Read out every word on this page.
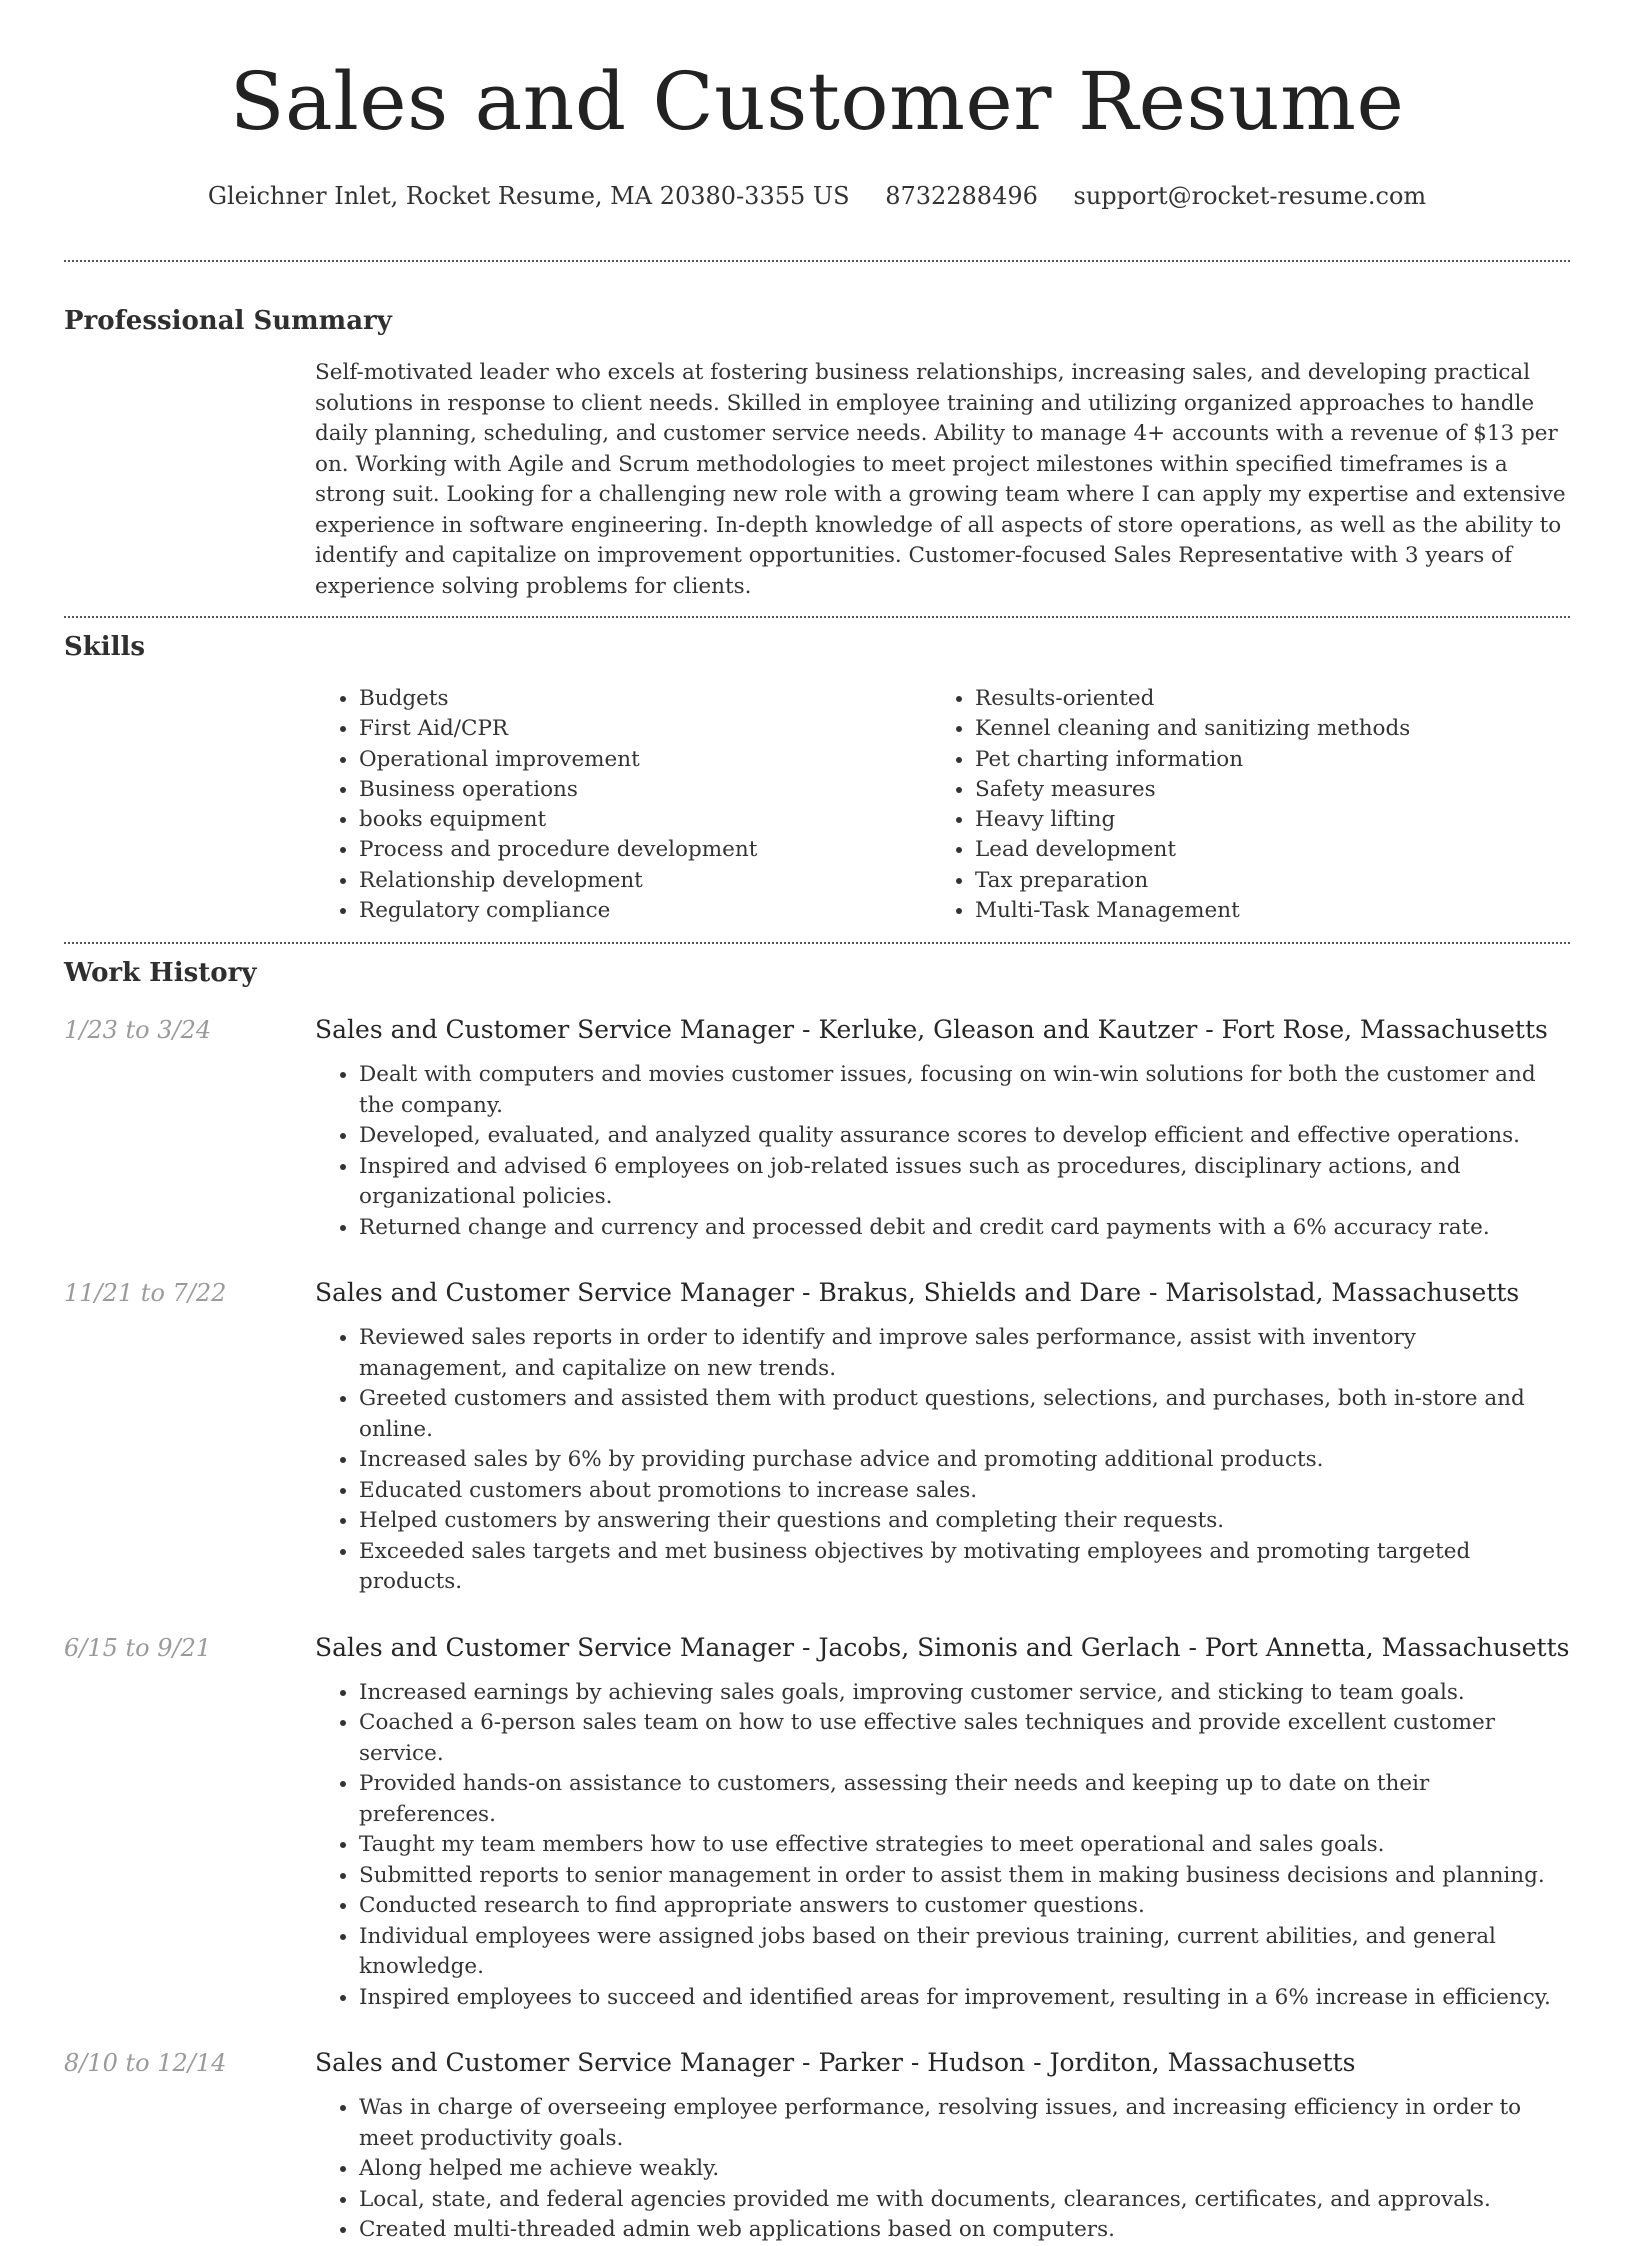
Sales and Customer Resume
Gleichner Inlet, Rocket Resume, MA 20380-3355 US 8732288496 support@rocket-resume.com
Professional Summary

Self-motivated leader who excels at fostering business relationships, increasing sales, and developing practical solutions in response to client needs. Skilled in employee training and utilizing organized approaches to handle daily planning, scheduling, and customer service needs. Ability to manage 4+ accounts with a revenue of $13 per on. Working with Agile and Scrum methodologies to meet project milestones within specified timeframes is a strong suit. Looking for a challenging new role with a growing team where I can apply my expertise and extensive experience in software engineering. In-depth knowledge of all aspects of store operations, as well as the ability to identify and capitalize on improvement opportunities. Customer-focused Sales Representative with 3 years of experience solving problems for clients.

Skills
• Budgets
• First Aid/CPR
• Operational improvement
• Business operations
• books equipment
• Process and procedure development
• Relationship development
• Regulatory compliance
• Results-oriented
• Kennel cleaning and sanitizing methods
• Pet charting information
• Safety measures
• Heavy lifting
• Lead development
• Tax preparation
• Multi-Task Management
Work History
1/23 to 3/24	Sales and Customer Service Manager - Kerluke, Gleason and Kautzer - Fort Rose, Massachusetts
• Dealt with computers and movies customer issues, focusing on win-win solutions for both the customer and the company.
• Developed, evaluated, and analyzed quality assurance scores to develop efficient and effective operations.
• Inspired and advised 6 employees on job-related issues such as procedures, disciplinary actions, and organizational policies.
• Returned change and currency and processed debit and credit card payments with a 6% accuracy rate.
11/21 to 7/22	Sales and Customer Service Manager - Brakus, Shields and Dare - Marisolstad, Massachusetts
• Reviewed sales reports in order to identify and improve sales performance, assist with inventory management, and capitalize on new trends.
• Greeted customers and assisted them with product questions, selections, and purchases, both in-store and online.
• Increased sales by 6% by providing purchase advice and promoting additional products.
• Educated customers about promotions to increase sales.
• Helped customers by answering their questions and completing their requests.
• Exceeded sales targets and met business objectives by motivating employees and promoting targeted products.
6/15 to 9/21	Sales and Customer Service Manager - Jacobs, Simonis and Gerlach - Port Annetta, Massachusetts
• Increased earnings by achieving sales goals, improving customer service, and sticking to team goals.
• Coached a 6-person sales team on how to use effective sales techniques and provide excellent customer service.
• Provided hands-on assistance to customers, assessing their needs and keeping up to date on their preferences.
• Taught my team members how to use effective strategies to meet operational and sales goals.
• Submitted reports to senior management in order to assist them in making business decisions and planning.
• Conducted research to find appropriate answers to customer questions.
• Individual employees were assigned jobs based on their previous training, current abilities, and general knowledge.
• Inspired employees to succeed and identified areas for improvement, resulting in a 6% increase in efficiency.
8/10 to 12/14	Sales and Customer Service Manager - Parker - Hudson - Jorditon, Massachusetts
• Was in charge of overseeing employee performance, resolving issues, and increasing efficiency in order to meet productivity goals.
• Along helped me achieve weakly.
• Local, state, and federal agencies provided me with documents, clearances, certificates, and approvals.
• Created multi-threaded admin web applications based on computers.
